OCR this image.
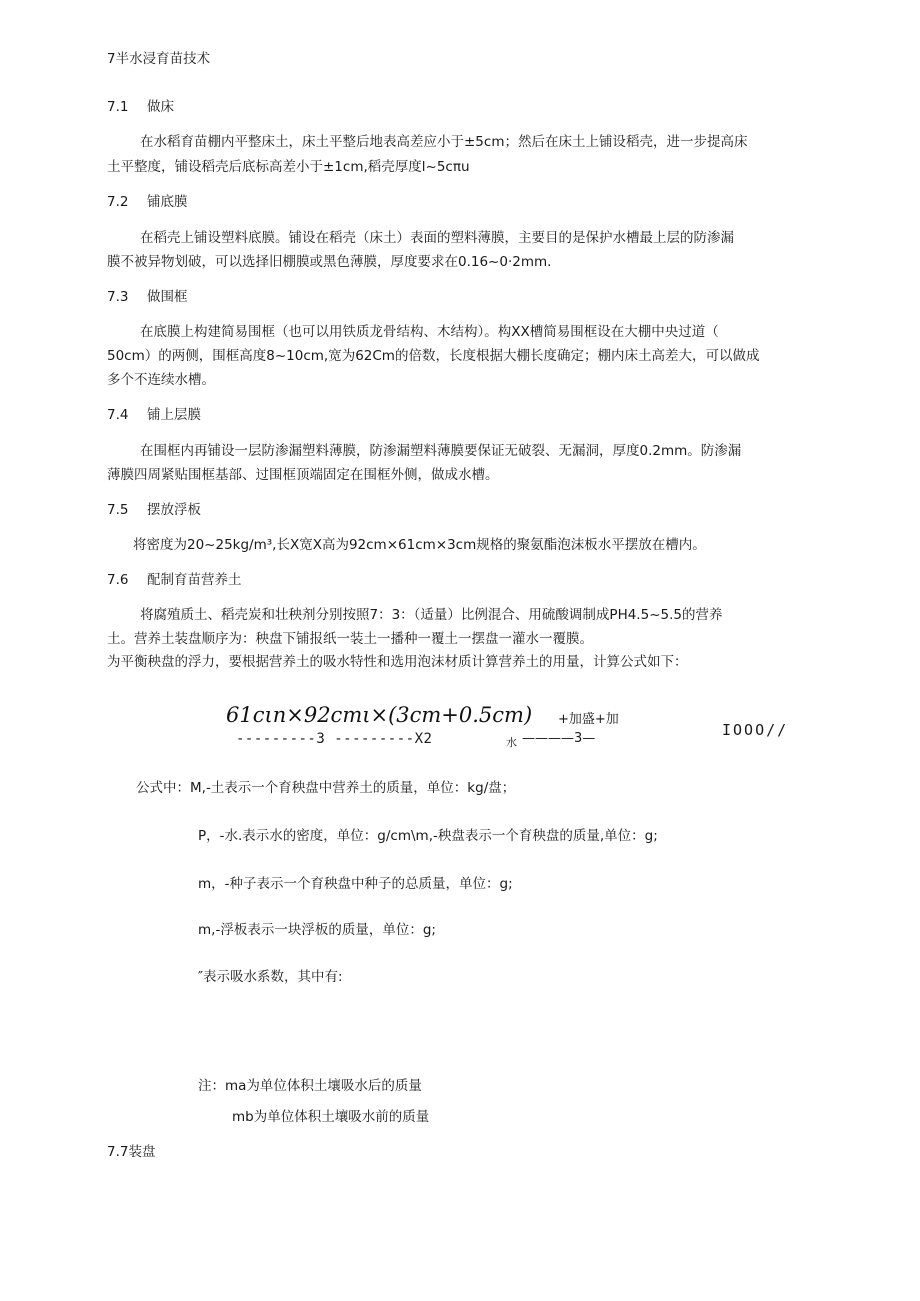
7半水浸育苗技术
7.1 做床
在水稻育苗棚内平整床土，床土平整后地表高差应小于±5cm；然后在床土上铺设稻壳，进一步提高床
土平整度，铺设稻壳后底标高差小于±1cm,稻壳厚度l~5cπu
7.2 铺底膜
在稻壳上铺设塑料底膜。铺设在稻壳（床土）表面的塑料薄膜，主要目的是保护水槽最上层的防渗漏
膜不被异物划破，可以选择旧棚膜或黑色薄膜，厚度要求在0.16~0·2mm.
7.3 做围框
在底膜上构建简易围框（也可以用铁质龙骨结构、木结构）。构XX槽简易围框设在大棚中央过道（
50cm）的两侧，围框高度8~10cm,宽为62Cm的倍数，长度根据大棚长度确定；棚内床土高差大，可以做成
多个不连续水槽。
7.4 铺上层膜
在围框内再铺设一层防渗漏塑料薄膜，防渗漏塑料薄膜要保证无破裂、无漏洞，厚度0.2mm。防渗漏
薄膜四周紧贴围框基部、过围框顶端固定在围框外侧，做成水槽。
7.5 摆放浮板
将密度为20~25kg∕m³,长X宽X高为92cm×61cm×3cm规格的聚氨酯泡沫板水平摆放在槽内。
7.6 配制育苗营养土
将腐殖质土、稻壳炭和壮秧剂分别按照7：3：（适量）比例混合、用硫酸调制成PH4.5~5.5的营养
土。营养土装盘顺序为：秧盘下铺报纸一装土一播种一覆土一摆盘一灌水一覆膜。
为平衡秧盘的浮力，要根据营养土的吸水特性和选用泡沫材质计算营养土的用量，计算公式如下：
61cιn×92cmι×(3cm+0.5cm) +加盛+加
---------3 ---------X2	水 ————3—	IOOO//
公式中：M,-土表示一个育秧盘中营养土的质量，单位：kg∕盘；
P，-水.表示水的密度，单位：g∕cm\m,-秧盘表示一个育秧盘的质量,单位：g;
m，-种子表示一个育秧盘中种子的总质量，单位：g;
m,-浮板表示一块浮板的质量，单位：g;
″表示吸水系数，其中有:
注：ma为单位体积土壤吸水后的质量
mb为单位体积土壤吸水前的质量
7.7装盘
